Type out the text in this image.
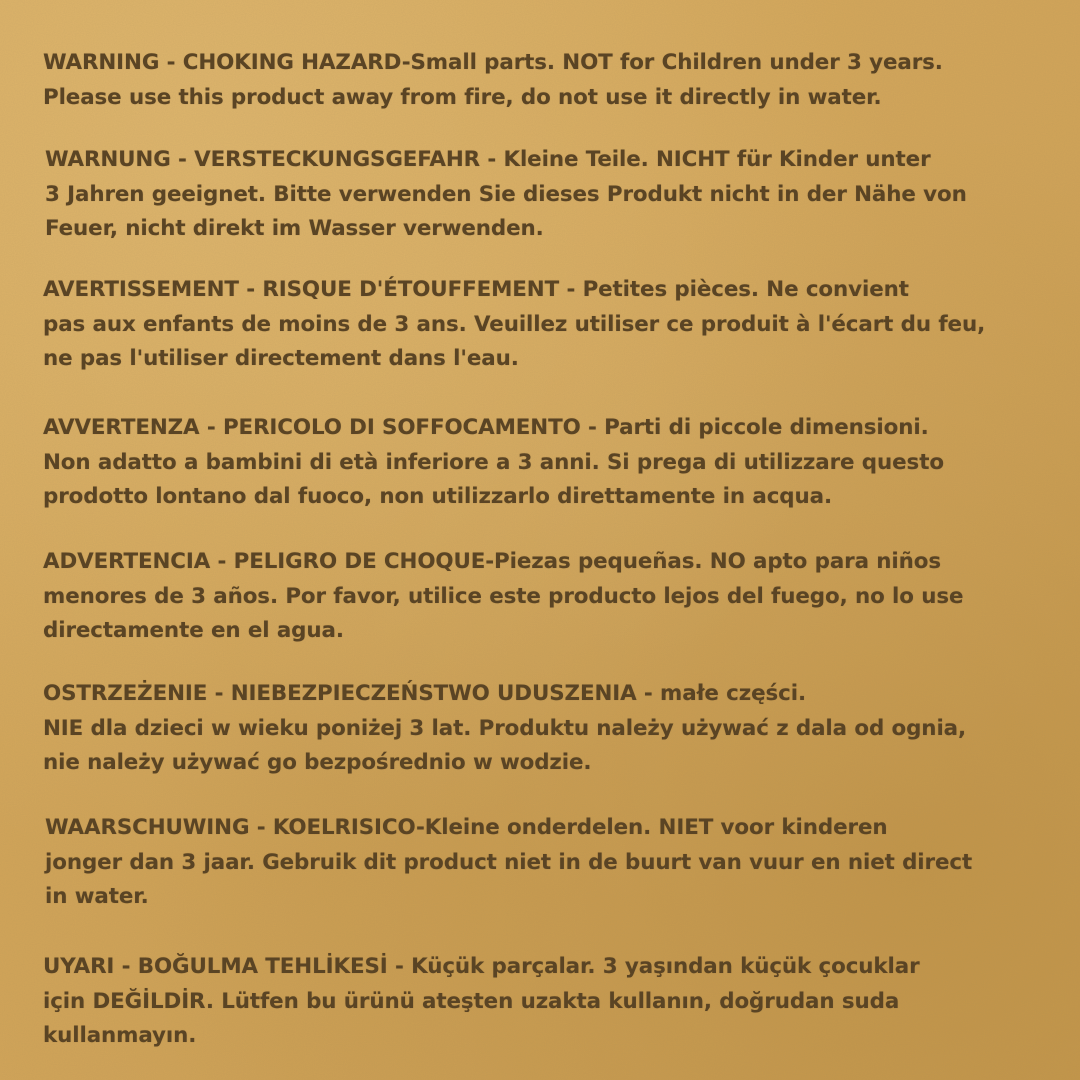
WARNING - CHOKING HAZARD-Small parts. NOT for Children under 3 years.
Please use this product away from fire, do not use it directly in water.
WARNUNG - VERSTECKUNGSGEFAHR - Kleine Teile. NICHT für Kinder unter
3 Jahren geeignet. Bitte verwenden Sie dieses Produkt nicht in der Nähe von
Feuer, nicht direkt im Wasser verwenden.
AVERTISSEMENT - RISQUE D'ÉTOUFFEMENT - Petites pièces. Ne convient
pas aux enfants de moins de 3 ans. Veuillez utiliser ce produit à l'écart du feu,
ne pas l'utiliser directement dans l'eau.
AVVERTENZA - PERICOLO DI SOFFOCAMENTO - Parti di piccole dimensioni.
Non adatto a bambini di età inferiore a 3 anni. Si prega di utilizzare questo
prodotto lontano dal fuoco, non utilizzarlo direttamente in acqua.
ADVERTENCIA - PELIGRO DE CHOQUE-Piezas pequeñas. NO apto para niños
menores de 3 años. Por favor, utilice este producto lejos del fuego, no lo use
directamente en el agua.
OSTRZEŻENIE - NIEBEZPIECZEŃSTWO UDUSZENIA - małe części.
NIE dla dzieci w wieku poniżej 3 lat. Produktu należy używać z dala od ognia,
nie należy używać go bezpośrednio w wodzie.
WAARSCHUWING - KOELRISICO-Kleine onderdelen. NIET voor kinderen
jonger dan 3 jaar. Gebruik dit product niet in de buurt van vuur en niet direct
in water.
UYARI - BOĞULMA TEHLİKESİ - Küçük parçalar. 3 yaşından küçük çocuklar
için DEĞİLDİR. Lütfen bu ürünü ateşten uzakta kullanın, doğrudan suda
kullanmayın.
